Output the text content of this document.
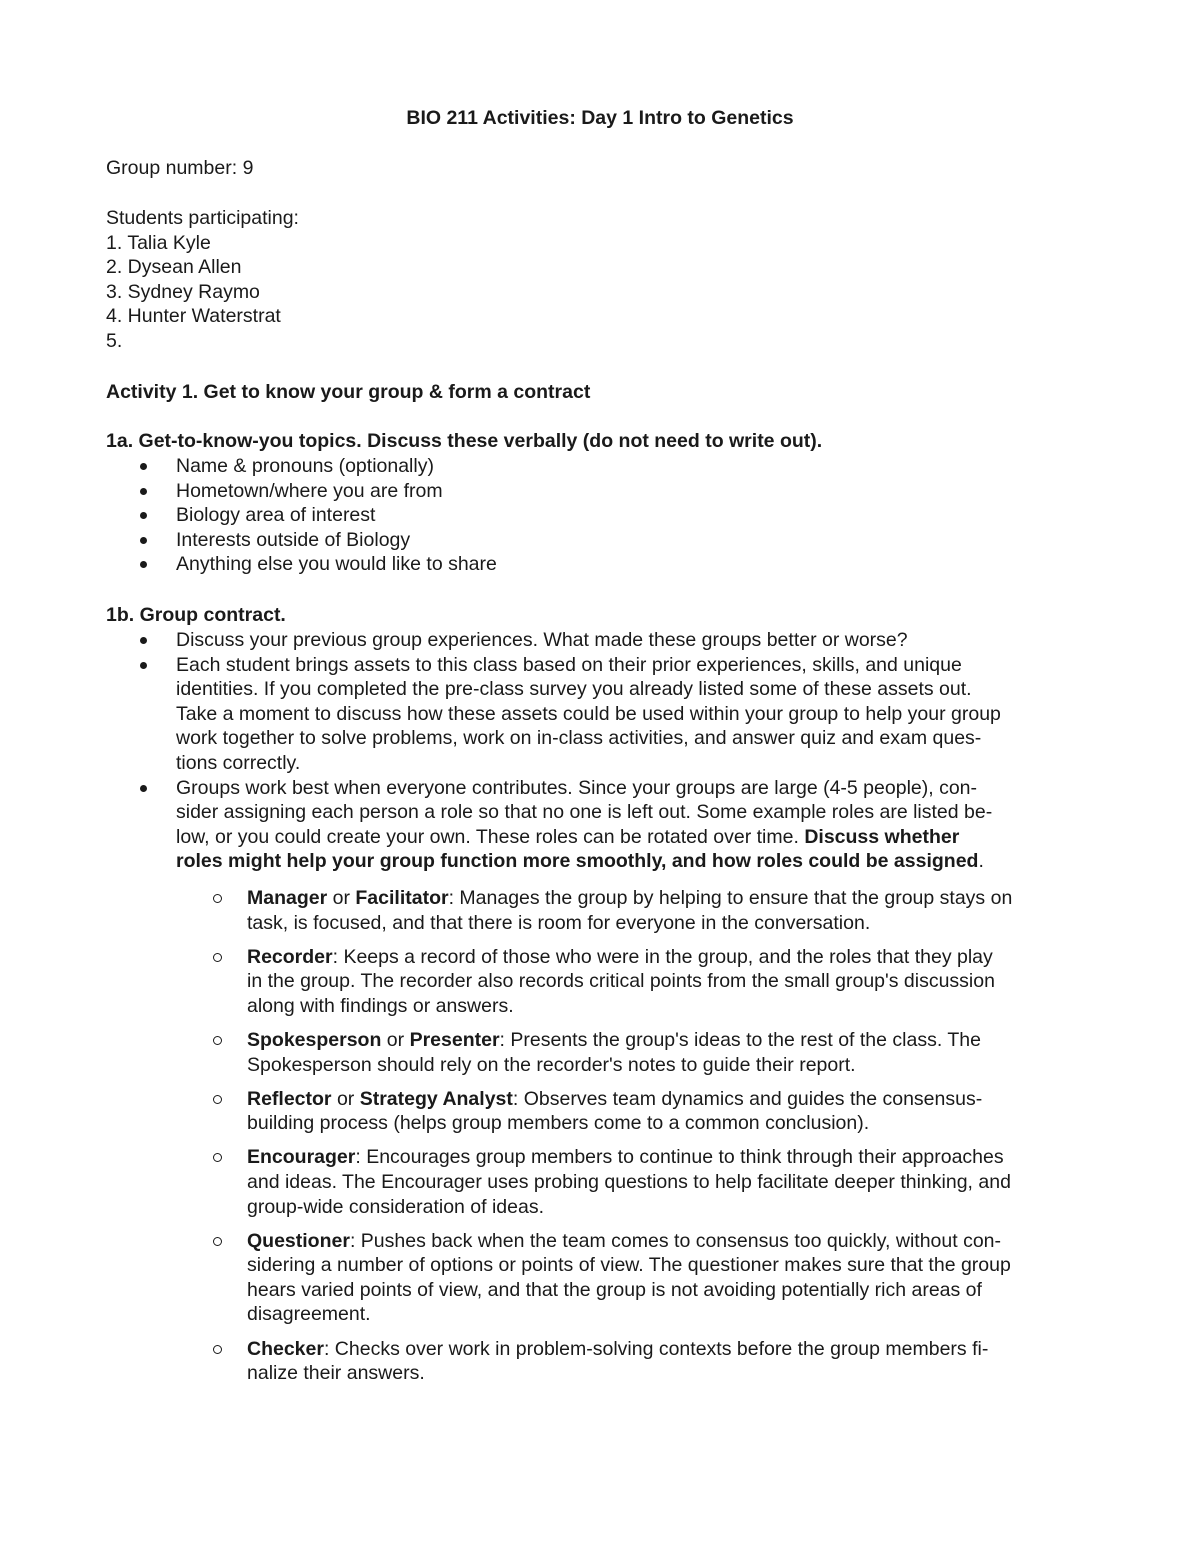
BIO 211 Activities: Day 1 Intro to Genetics

Group number: 9

Students participating:

1. Talia Kyle

2. Dysean Allen

3. Sydney Raymo

4. Hunter Waterstrat

5.

Activity 1. Get to know your group & form a contract

1a. Get-to-know-you topics. Discuss these verbally (do not need to write out).

Name & pronouns (optionally)
Hometown/where you are from
Biology area of interest
Interests outside of Biology
Anything else you would like to share

1b. Group contract.

Discuss your previous group experiences. What made these groups better or worse?
Each student brings assets to this class based on their prior experiences, skills, and unique
identities. If you completed the pre-class survey you already listed some of these assets out.
Take a moment to discuss how these assets could be used within your group to help your group
work together to solve problems, work on in-class activities, and answer quiz and exam ques-
tions correctly.
Groups work best when everyone contributes. Since your groups are large (4-5 people), con-
sider assigning each person a role so that no one is left out. Some example roles are listed be-
low, or you could create your own. These roles can be rotated over time. Discuss whether
roles might help your group function more smoothly, and how roles could be assigned.
Manager or Facilitator: Manages the group by helping to ensure that the group stays on
task, is focused, and that there is room for everyone in the conversation.
Recorder: Keeps a record of those who were in the group, and the roles that they play
in the group. The recorder also records critical points from the small group's discussion
along with findings or answers.
Spokesperson or Presenter: Presents the group's ideas to the rest of the class. The
Spokesperson should rely on the recorder's notes to guide their report.
Reflector or Strategy Analyst: Observes team dynamics and guides the consensus-
building process (helps group members come to a common conclusion).
Encourager: Encourages group members to continue to think through their approaches
and ideas. The Encourager uses probing questions to help facilitate deeper thinking, and
group-wide consideration of ideas.
Questioner: Pushes back when the team comes to consensus too quickly, without con-
sidering a number of options or points of view. The questioner makes sure that the group
hears varied points of view, and that the group is not avoiding potentially rich areas of
disagreement.
Checker: Checks over work in problem-solving contexts before the group members fi-
nalize their answers.
